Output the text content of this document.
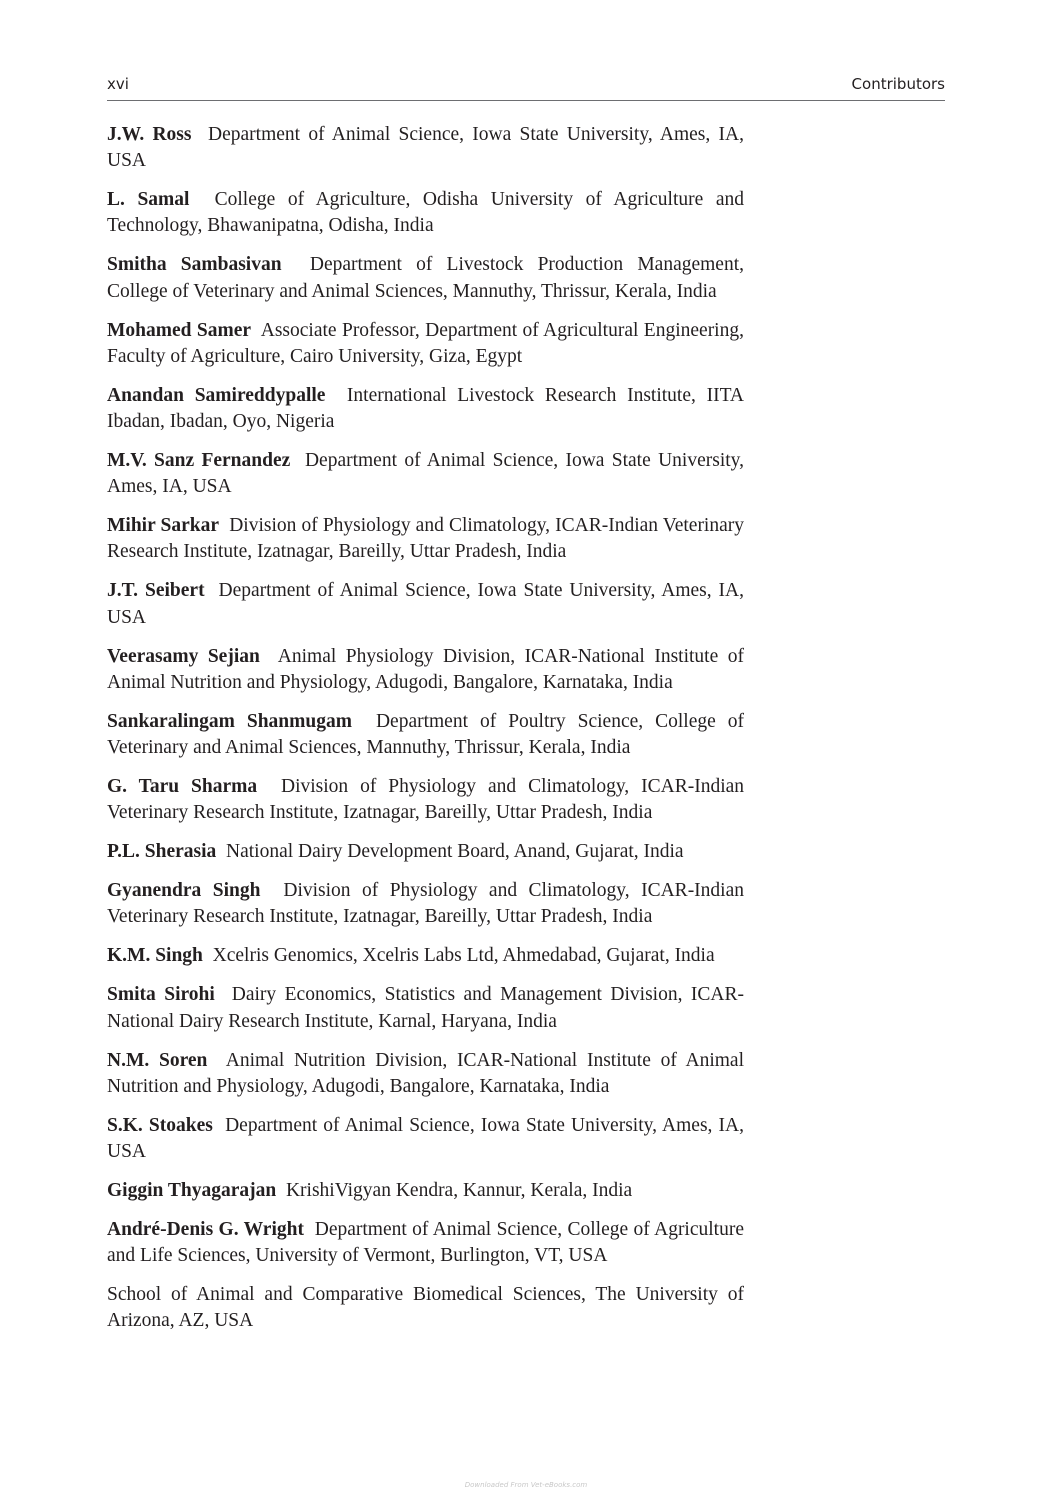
xvi	Contributors

J.W. Ross Department of Animal Science, Iowa State University, Ames, IA, USA

L. Samal College of Agriculture, Odisha University of Agriculture and Technology, Bhawanipatna, Odisha, India

Smitha Sambasivan Department of Livestock Production Management, College of Veterinary and Animal Sciences, Mannuthy, Thrissur, Kerala, India

Mohamed Samer Associate Professor, Department of Agricultural Engineering, Faculty of Agriculture, Cairo University, Giza, Egypt

Anandan Samireddypalle International Livestock Research Institute, IITA Ibadan, Ibadan, Oyo, Nigeria

M.V. Sanz Fernandez Department of Animal Science, Iowa State University, Ames, IA, USA

Mihir Sarkar Division of Physiology and Climatology, ICAR-Indian Veterinary Research Institute, Izatnagar, Bareilly, Uttar Pradesh, India

J.T. Seibert Department of Animal Science, Iowa State University, Ames, IA, USA

Veerasamy Sejian Animal Physiology Division, ICAR-National Institute of Animal Nutrition and Physiology, Adugodi, Bangalore, Karnataka, India

Sankaralingam Shanmugam Department of Poultry Science, College of Veterinary and Animal Sciences, Mannuthy, Thrissur, Kerala, India

G. Taru Sharma Division of Physiology and Climatology, ICAR-Indian Veterinary Research Institute, Izatnagar, Bareilly, Uttar Pradesh, India

P.L. Sherasia National Dairy Development Board, Anand, Gujarat, India

Gyanendra Singh Division of Physiology and Climatology, ICAR-Indian Veterinary Research Institute, Izatnagar, Bareilly, Uttar Pradesh, India

K.M. Singh Xcelris Genomics, Xcelris Labs Ltd, Ahmedabad, Gujarat, India

Smita Sirohi Dairy Economics, Statistics and Management Division, ICAR-National Dairy Research Institute, Karnal, Haryana, India

N.M. Soren Animal Nutrition Division, ICAR-National Institute of Animal Nutrition and Physiology, Adugodi, Bangalore, Karnataka, India

S.K. Stoakes Department of Animal Science, Iowa State University, Ames, IA, USA

Giggin Thyagarajan KrishiVigyan Kendra, Kannur, Kerala, India

André-Denis G. Wright Department of Animal Science, College of Agriculture and Life Sciences, University of Vermont, Burlington, VT, USA

School of Animal and Comparative Biomedical Sciences, The University of Arizona, AZ, USA

Downloaded From Vet-eBooks.com
